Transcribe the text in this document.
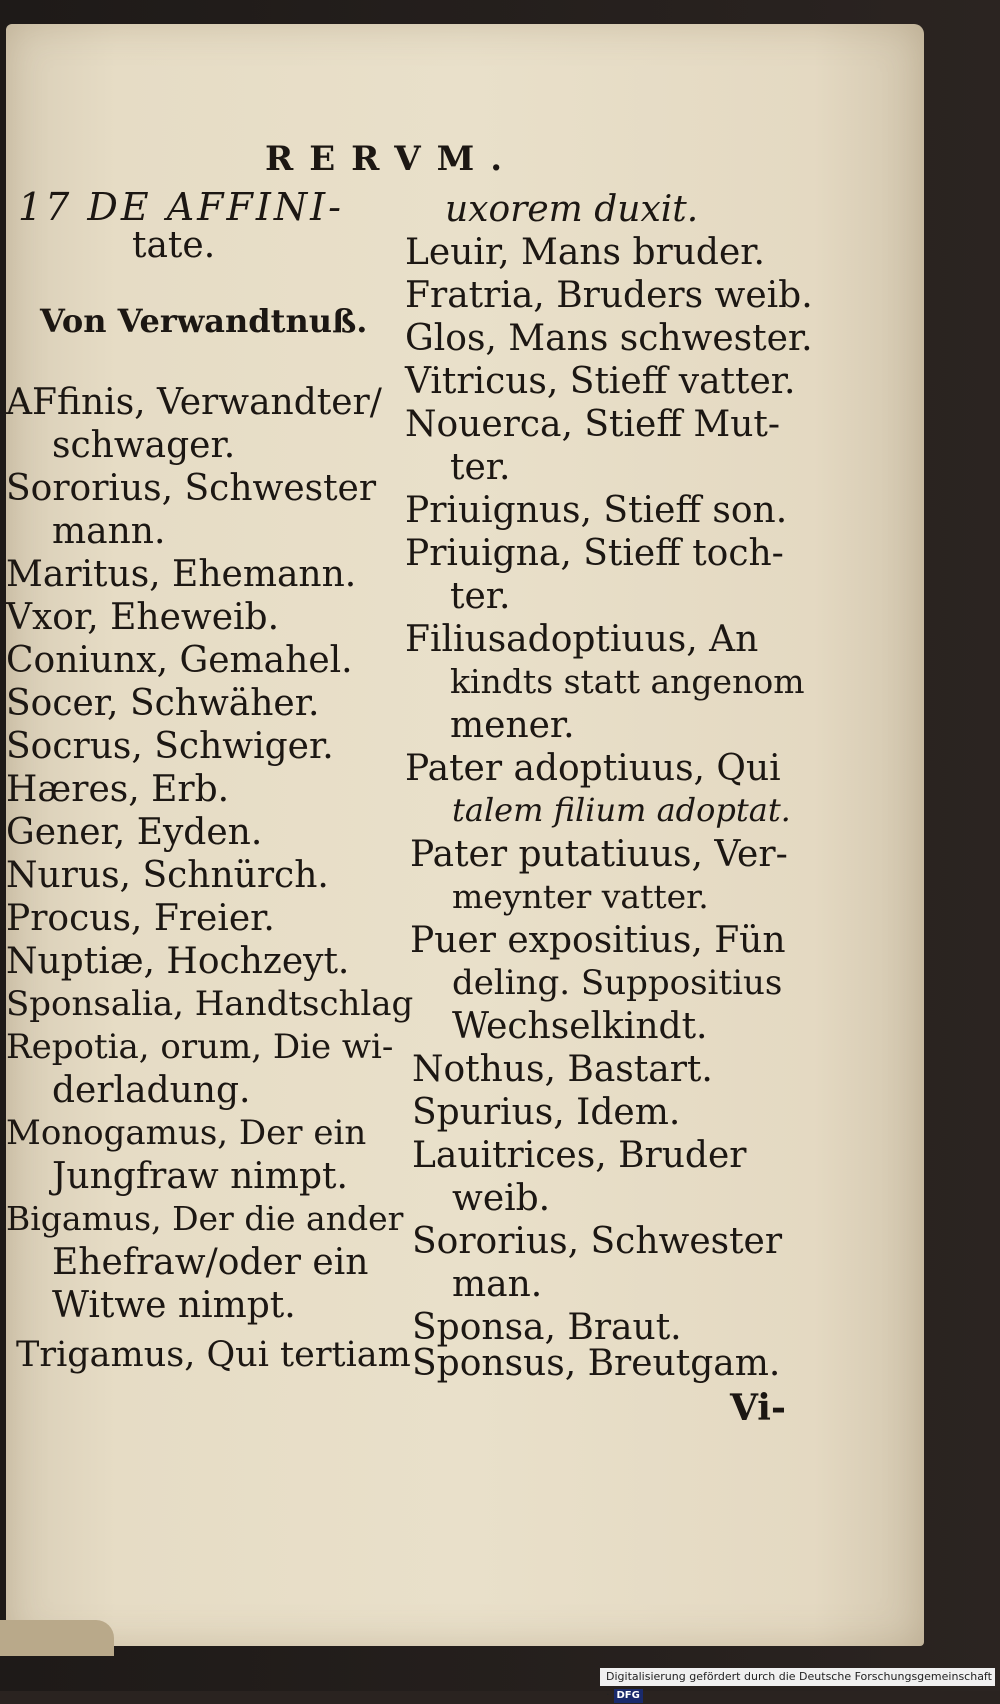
RERVM.
17 DE AFFINI-
tate.
Von Verwandtnuß.
AFfinis, Verwandter/
schwager.
Sororius, Schwester
mann.
Maritus, Ehemann.
Vxor, Eheweib.
Coniunx, Gemahel.
Socer, Schwäher.
Socrus, Schwiger.
Hæres, Erb.
Gener, Eyden.
Nurus, Schnürch.
Procus, Freier.
Nuptiæ, Hochzeyt.
Sponsalia, Handtschlag
Repotia, orum, Die wi-
derladung.
Monogamus, Der ein
Jungfraw nimpt.
Bigamus, Der die ander
Ehefraw/oder ein
Witwe nimpt.
Trigamus, Qui tertiam
uxorem duxit.
Leuir, Mans bruder.
Fratria, Bruders weib.
Glos, Mans schwester.
Vitricus, Stieff vatter.
Nouerca, Stieff Mut-
ter.
Priuignus, Stieff son.
Priuigna, Stieff toch-
ter.
Filiusadoptiuus, An
kindts statt angenom
mener.
Pater adoptiuus, Qui
talem filium adoptat.
Pater putatiuus, Ver-
meynter vatter.
Puer expositius, Fün
deling. Suppositius
Wechselkindt.
Nothus, Bastart.
Spurius, Idem.
Lauitrices, Bruder
weib.
Sororius, Schwester
man.
Sponsa, Braut.
Sponsus, Breutgam.
Vi-
Digitalisierung gefördert durch die Deutsche Forschungsgemeinschaft · DFG
